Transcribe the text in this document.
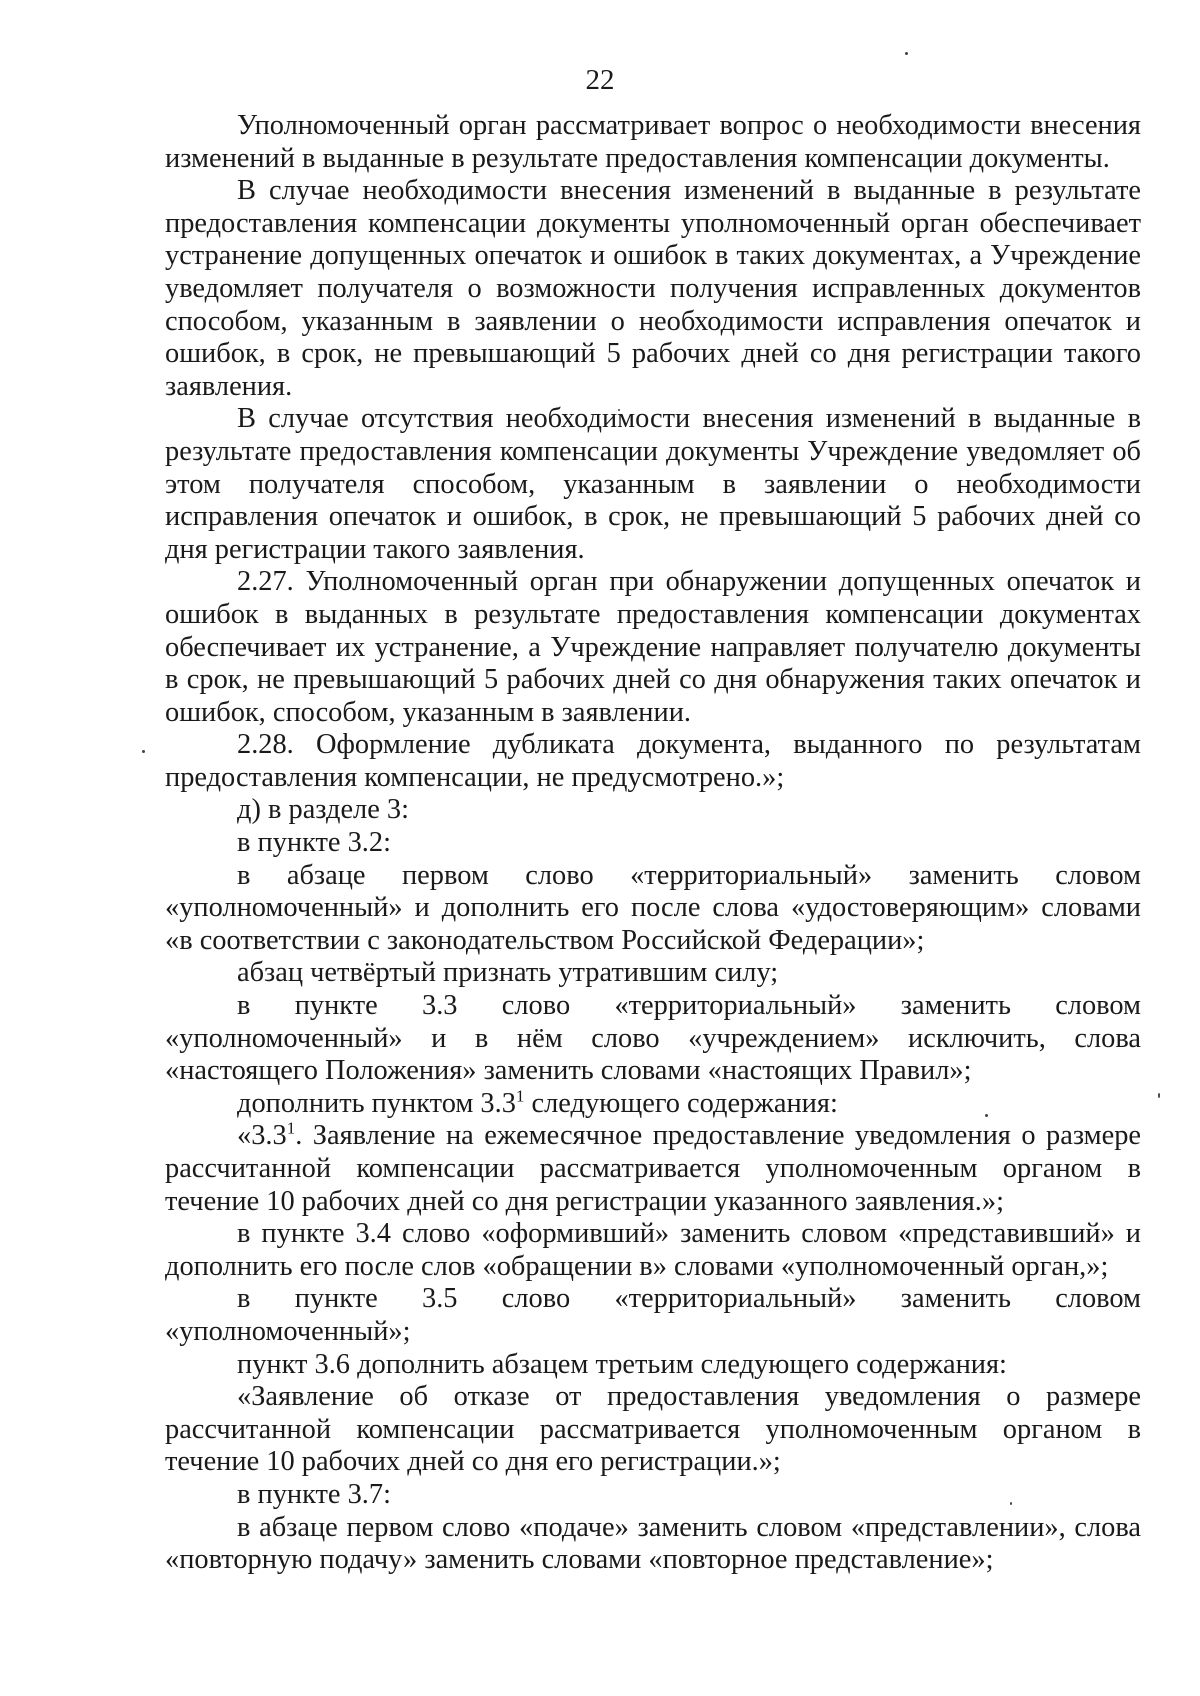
22

Уполномоченный орган рассматривает вопрос о необходимости внесения изменений в выданные в результате предоставления компенсации документы.

В случае необходимости внесения изменений в выданные в результате предоставления компенсации документы уполномоченный орган обеспечивает устранение допущенных опечаток и ошибок в таких документах, а Учреждение уведомляет получателя о возможности получения исправленных документов способом, указанным в заявлении о необходимости исправления опечаток и ошибок, в срок, не превышающий 5 рабочих дней со дня регистрации такого заявления.

В случае отсутствия необходимости внесения изменений в выданные в результате предоставления компенсации документы Учреждение уведомляет об этом получателя способом, указанным в заявлении о необходимости исправления опечаток и ошибок, в срок, не превышающий 5 рабочих дней со дня регистрации такого заявления.

2.27. Уполномоченный орган при обнаружении допущенных опечаток и ошибок в выданных в результате предоставления компенсации документах обеспечивает их устранение, а Учреждение направляет получателю документы в срок, не превышающий 5 рабочих дней со дня обнаружения таких опечаток и ошибок, способом, указанным в заявлении.

2.28. Оформление дубликата документа, выданного по результатам предоставления компенсации, не предусмотрено.»;

д) в разделе 3:

в пункте 3.2:

в абзаце первом слово «территориальный» заменить словом «уполномоченный» и дополнить его после слова «удостоверяющим» словами «в соответствии с законодательством Российской Федерации»;

абзац четвёртый признать утратившим силу;

в пункте 3.3 слово «территориальный» заменить словом «уполномоченный» и в нём слово «учреждением» исключить, слова «настоящего Положения» заменить словами «настоящих Правил»;

дополнить пунктом $3.3^1$ следующего содержания:

«$3.3^1$. Заявление на ежемесячное предоставление уведомления о размере рассчитанной компенсации рассматривается уполномоченным органом в течение 10 рабочих дней со дня регистрации указанного заявления.»;

в пункте 3.4 слово «оформивший» заменить словом «представивший» и дополнить его после слов «обращении в» словами «уполномоченный орган,»;

в пункте 3.5 слово «территориальный» заменить словом «уполномоченный»;

пункт 3.6 дополнить абзацем третьим следующего содержания:

«Заявление об отказе от предоставления уведомления о размере рассчитанной компенсации рассматривается уполномоченным органом в течение 10 рабочих дней со дня его регистрации.»;

в пункте 3.7:

в абзаце первом слово «подаче» заменить словом «представлении», слова «повторную подачу» заменить словами «повторное представление»;
